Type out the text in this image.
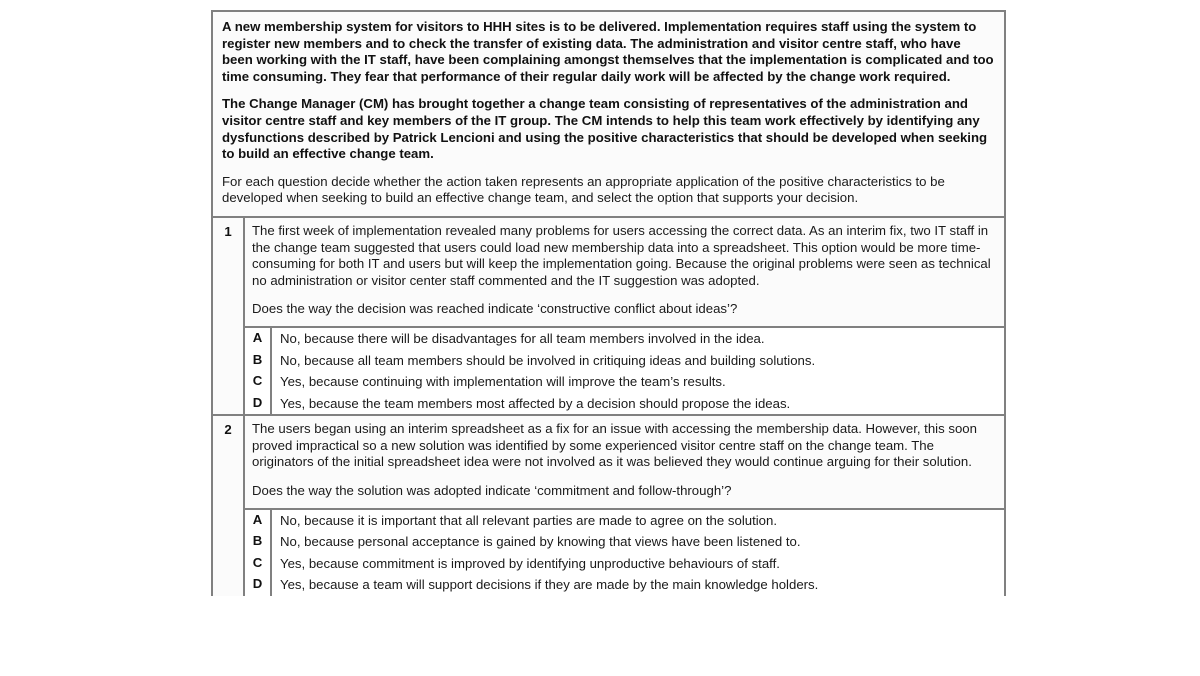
A new membership system for visitors to HHH sites is to be delivered. Implementation requires staff using the system to register new members and to check the transfer of existing data. The administration and visitor centre staff, who have been working with the IT staff, have been complaining amongst themselves that the implementation is complicated and too time consuming. They fear that performance of their regular daily work will be affected by the change work required.

The Change Manager (CM) has brought together a change team consisting of representatives of the administration and visitor centre staff and key members of the IT group. The CM intends to help this team work effectively by identifying any dysfunctions described by Patrick Lencioni and using the positive characteristics that should be developed when seeking to build an effective change team.

For each question decide whether the action taken represents an appropriate application of the positive characteristics to be developed when seeking to build an effective change team, and select the option that supports your decision.

1	The first week of implementation revealed many problems for users accessing the correct data. As an interim fix, two IT staff in the change team suggested that users could load new membership data into a spreadsheet. This option would be more time-consuming for both IT and users but will keep the implementation going. Because the original problems were seen as technical no administration or visitor center staff commented and the IT suggestion was adopted.
Does the way the decision was reached indicate ‘constructive conflict about ideas’?
A	No, because there will be disadvantages for all team members involved in the idea.
B	No, because all team members should be involved in critiquing ideas and building solutions.
C	Yes, because continuing with implementation will improve the team’s results.
D	Yes, because the team members most affected by a decision should propose the ideas.
2	The users began using an interim spreadsheet as a fix for an issue with accessing the membership data. However, this soon proved impractical so a new solution was identified by some experienced visitor centre staff on the change team. The originators of the initial spreadsheet idea were not involved as it was believed they would continue arguing for their solution.
Does the way the solution was adopted indicate ‘commitment and follow-through’?
A	No, because it is important that all relevant parties are made to agree on the solution.
B	No, because personal acceptance is gained by knowing that views have been listened to.
C	Yes, because commitment is improved by identifying unproductive behaviours of staff.
D	Yes, because a team will support decisions if they are made by the main knowledge holders.
